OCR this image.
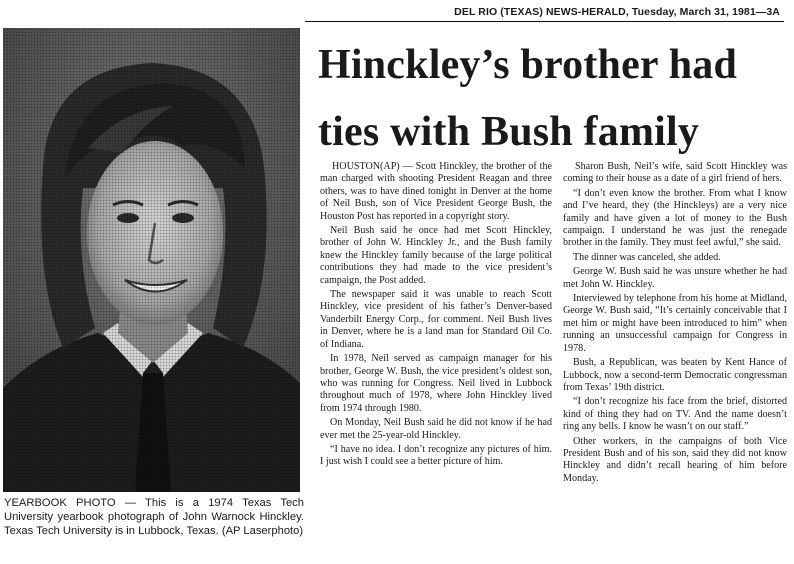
DEL RIO (TEXAS) NEWS-HERALD, Tuesday, March 31, 1981—3A

YEARBOOK PHOTO — This is a 1974 Texas Tech University yearbook photograph of John Warnock Hinckley. Texas Tech University is in Lubbock, Texas. (AP Laserphoto)

Hinckley’s brother had
ties with Bush family

HOUSTON(AP) — Scott Hinckley, the brother of the man charged with shooting President Reagan and three others, was to have dined tonight in Denver at the home of Neil Bush, son of Vice President George Bush, the Houston Post has reported in a copyright story.

Neil Bush said he once had met Scott Hinckley, brother of John W. Hinckley Jr., and the Bush family knew the Hinckley family because of the large political contributions they had made to the vice president’s campaign, the Post added.

The newspaper said it was unable to reach Scott Hinckley, vice president of his father’s Denver-based Vanderbilt Energy Corp., for comment. Neil Bush lives in Denver, where he is a land man for Standard Oil Co. of Indiana.

In 1978, Neil served as campaign manager for his brother, George W. Bush, the vice president’s oldest son, who was running for Congress. Neil lived in Lubbock throughout much of 1978, where John Hinckley lived from 1974 through 1980.

On Monday, Neil Bush said he did not know if he had ever met the 25-year-old Hinckley.

“I have no idea. I don’t recognize any pictures of him. I just wish I could see a better picture of him.

Sharon Bush, Neil’s wife, said Scott Hinckley was coming to their house as a date of a girl friend of hers.

“I don’t even know the brother. From what I know and I’ve heard, they (the Hinckleys) are a very nice family and have given a lot of money to the Bush campaign. I understand he was just the renegade brother in the family. They must feel awful,” she said.

The dinner was canceled, she added.

George W. Bush said he was unsure whether he had met John W. Hinckley.

Interviewed by telephone from his home at Midland, George W. Bush said, “It’s certainly conceivable that I met him or might have been introduced to him” when running an unsuccessful campaign for Congress in 1978.

Bush, a Republican, was beaten by Kent Hance of Lubbock, now a second-term Democratic congressman from Texas’ 19th district.

“I don’t recognize his face from the brief, distorted kind of thing they had on TV. And the name doesn’t ring any bells. I know he wasn’t on our staff.”

Other workers, in the campaigns of both Vice President Bush and of his son, said they did not know Hinckley and didn’t recall hearing of him before Monday.
